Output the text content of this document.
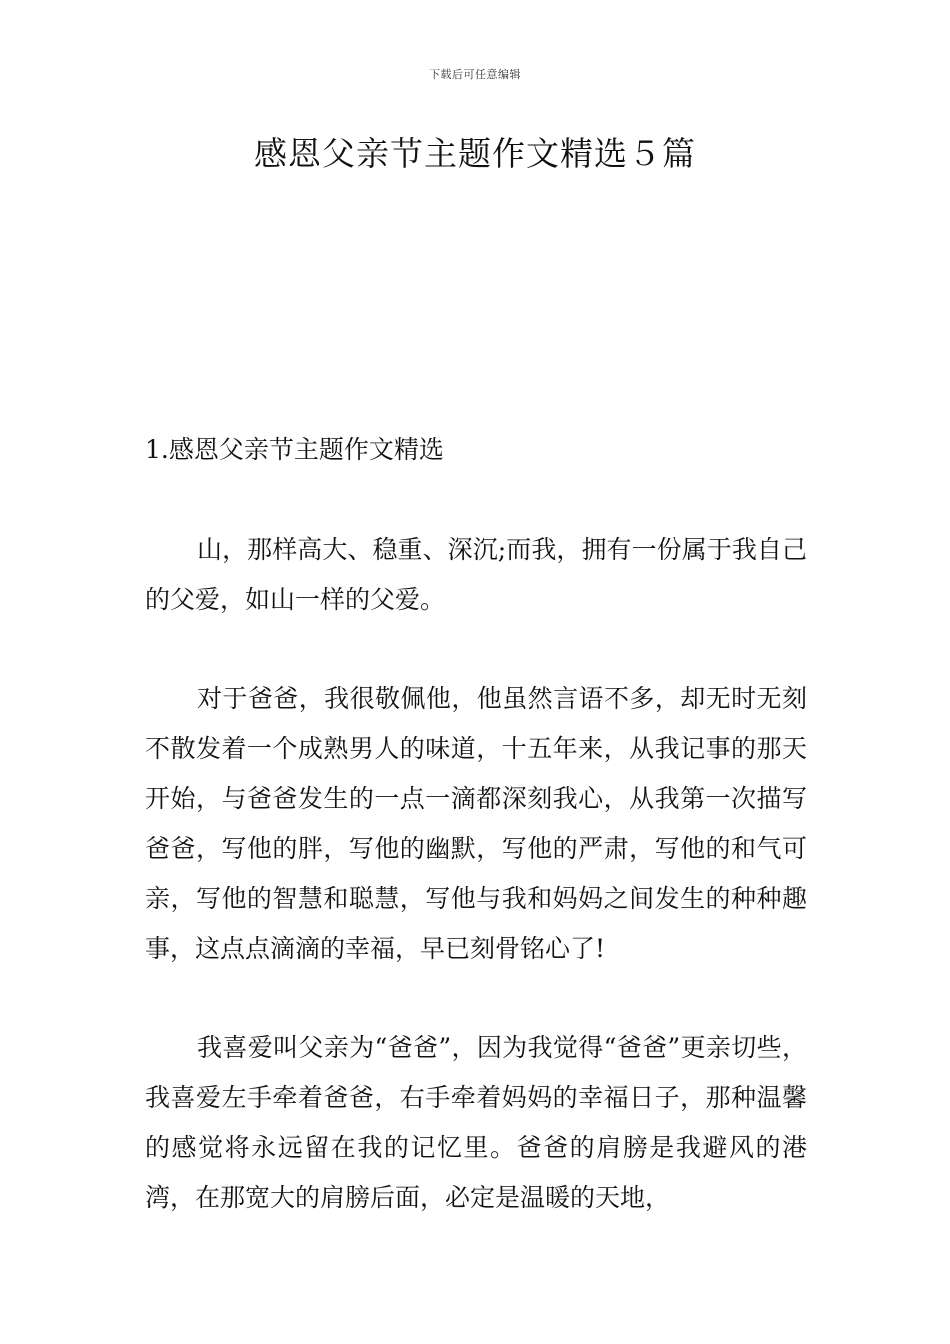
下载后可任意编辑
感恩父亲节主题作文精选５篇

1.感恩父亲节主题作文精选

山，那样高大、稳重、深沉;而我，拥有一份属于我自己的父爱，如山一样的父爱。

对于爸爸，我很敬佩他，他虽然言语不多，却无时无刻不散发着一个成熟男人的味道，十五年来，从我记事的那天开始，与爸爸发生的一点一滴都深刻我心，从我第一次描写爸爸，写他的胖，写他的幽默，写他的严肃，写他的和气可亲，写他的智慧和聪慧，写他与我和妈妈之间发生的种种趣事，这点点滴滴的幸福，早已刻骨铭心了!

我喜爱叫父亲为“爸爸”，因为我觉得“爸爸”更亲切些，我喜爱左手牵着爸爸，右手牵着妈妈的幸福日子，那种温馨的感觉将永远留在我的记忆里。爸爸的肩膀是我避风的港湾，在那宽大的肩膀后面，必定是温暖的天地，
